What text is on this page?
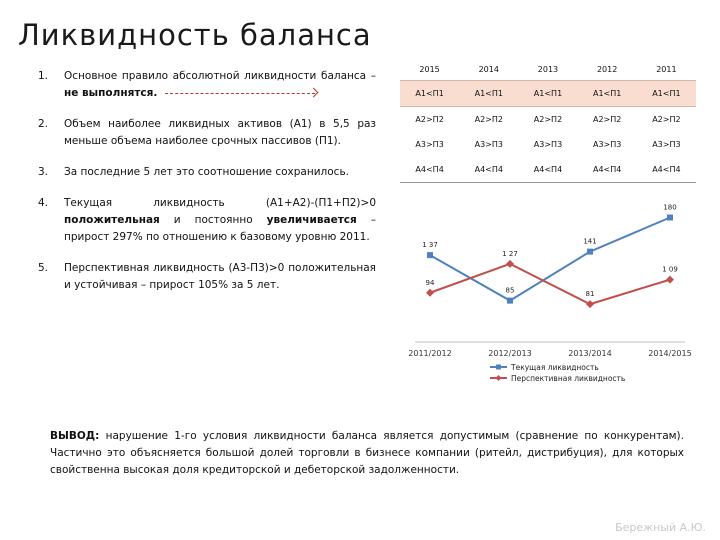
Ликвидность баланса
1. Основное правило абсолютной ликвидности баланса – не выполнятся.
2. Объем наиболее ликвидных активов (А1) в 5,5 раз меньше объема наиболее срочных пассивов (П1).
3. За последние 5 лет это соотношение сохранилось.
4. Текущая ликвидность (А1+А2)-(П1+П2)>0 положительная и постоянно увеличивается – прирост 297% по отношению к базовому уровню 2011.
5. Перспективная ликвидность (А3-П3)>0 положительная и устойчивая – прирост 105% за 5 лет.
2015	2014	2013	2012	2011
А1<П1	А1<П1	А1<П1	А1<П1	А1<П1
А2>П2	А2>П2	А2>П2	А2>П2	А2>П2
А3>П3	А3>П3	А3>П3	А3>П3	А3>П3
А4<П4	А4<П4	А4<П4	А4<П4	А4<П4
2011/2012	2012/2013	2013/2014	2014/2015
1 37
85
141
180
Текущая ликвидность
94
1 27
81
1 09
Перспективная ликвидность
ВЫВОД: нарушение 1-го условия ликвидности баланса является допустимым (сравнение по конкурентам). Частично это объясняется большой долей торговли в бизнесе компании (ритейл, дистрибуция), для которых свойственна высокая доля кредиторской и дебеторской задолженности.
Бережный А.Ю.
